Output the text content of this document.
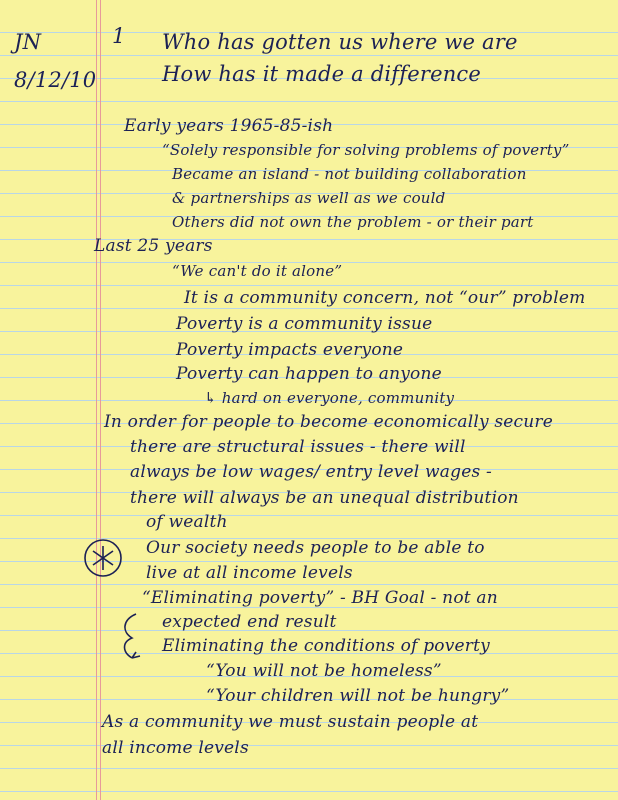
JN
8/12/10
1 Who has gotten us where we are
How has it made a difference
Early years 1965-85-ish
“Solely responsible for solving problems of poverty”
Became an island - not building collaboration
& partnerships as well as we could
Others did not own the problem - or their part
Last 25 years
“We can't do it alone”
It is a community concern, not “our” problem
Poverty is a community issue
Poverty impacts everyone
Poverty can happen to anyone
↳ hard on everyone, community
In order for people to become economically secure
there are structural issues - there will
always be low wages/ entry level wages -
there will always be an unequal distribution
of wealth
Our society needs people to be able to
live at all income levels
“Eliminating poverty” - BH Goal - not an
expected end result
Eliminating the conditions of poverty
“You will not be homeless”
“Your children will not be hungry”
As a community we must sustain people at
all income levels
